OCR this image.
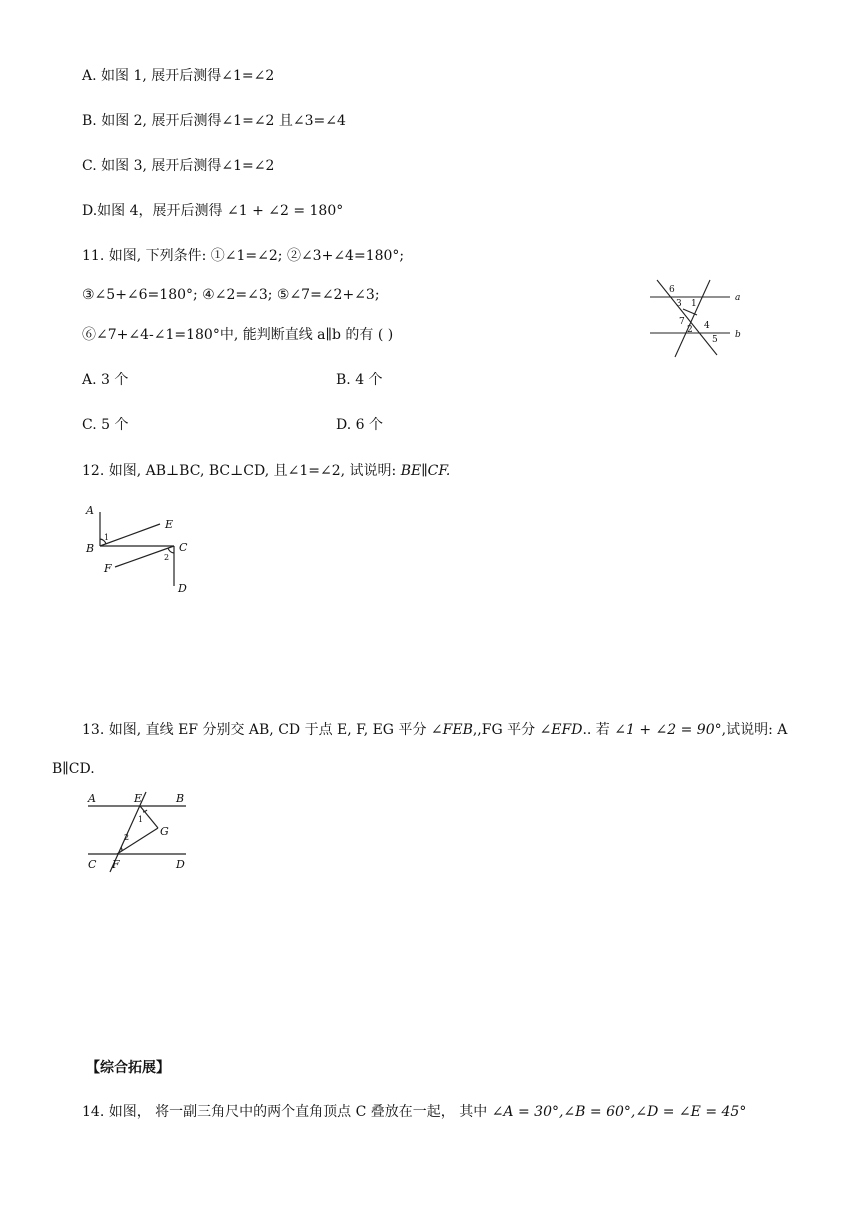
A. 如图 1, 展开后测得∠1=∠2
B. 如图 2, 展开后测得∠1=∠2 且∠3=∠4
C. 如图 3, 展开后测得∠1=∠2
D.如图 4，展开后测得 ∠1 + ∠2 = 180°
11. 如图, 下列条件: ①∠1=∠2; ②∠3+∠4=180°;
③∠5+∠6=180°; ④∠2=∠3; ⑤∠7=∠2+∠3;
⑥∠7+∠4-∠1=180°中, 能判断直线 a∥b 的有 ( )
A. 3 个	B. 4 个
C. 5 个	D. 6 个
a
b
6
3 1
7
2 4
5
12. 如图, AB⊥BC, BC⊥CD, 且∠1=∠2, 试说明: BE∥CF.
A
B	C
D
E
F
1
2
13. 如图, 直线 EF 分别交 AB, CD 于点 E, F, EG 平分 ∠FEB,,FG 平分 ∠EFD.. 若 ∠1 + ∠2 = 90°,试说明: A
B∥CD.
A	E	B
G
C F	D
1
2
【综合拓展】
14. 如图， 将一副三角尺中的两个直角顶点 C 叠放在一起， 其中 ∠A = 30°,∠B = 60°,∠D = ∠E = 45°
